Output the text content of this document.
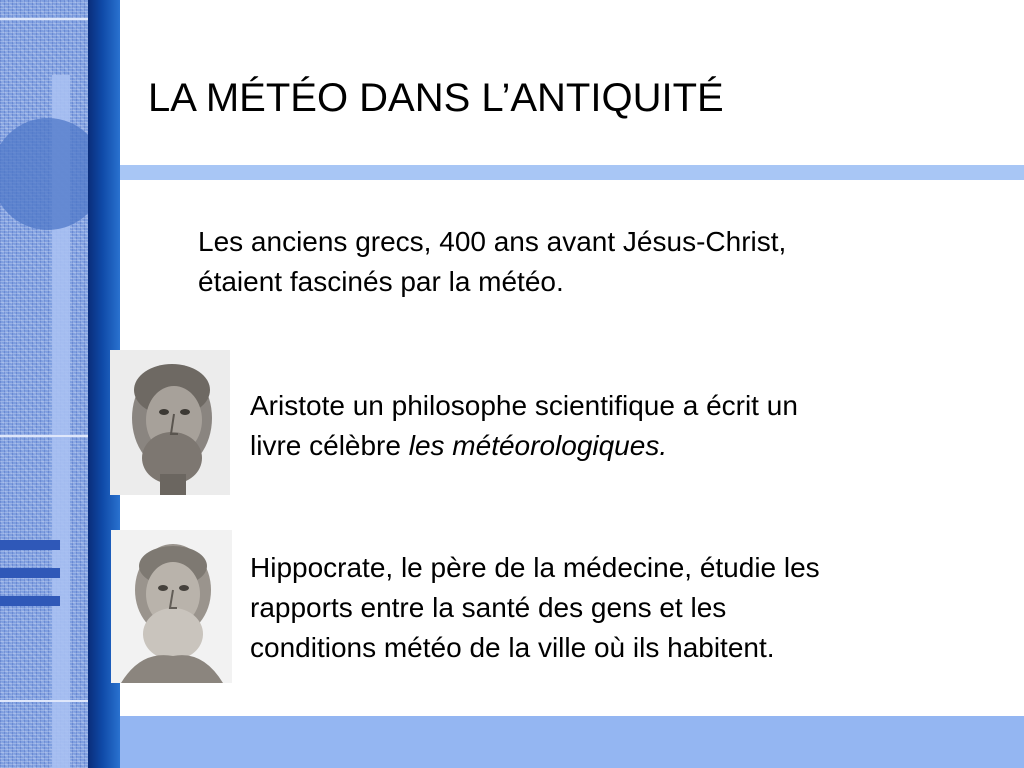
LA MÉTÉO DANS L’ANTIQUITÉ
Les anciens grecs, 400 ans avant Jésus-Christ,
étaient fascinés par la météo.
Aristote un philosophe scientifique a écrit un
livre célèbre les météorologiques.
Hippocrate, le père de la médecine, étudie les
rapports entre la santé des gens et les
conditions météo de la ville où ils habitent.
